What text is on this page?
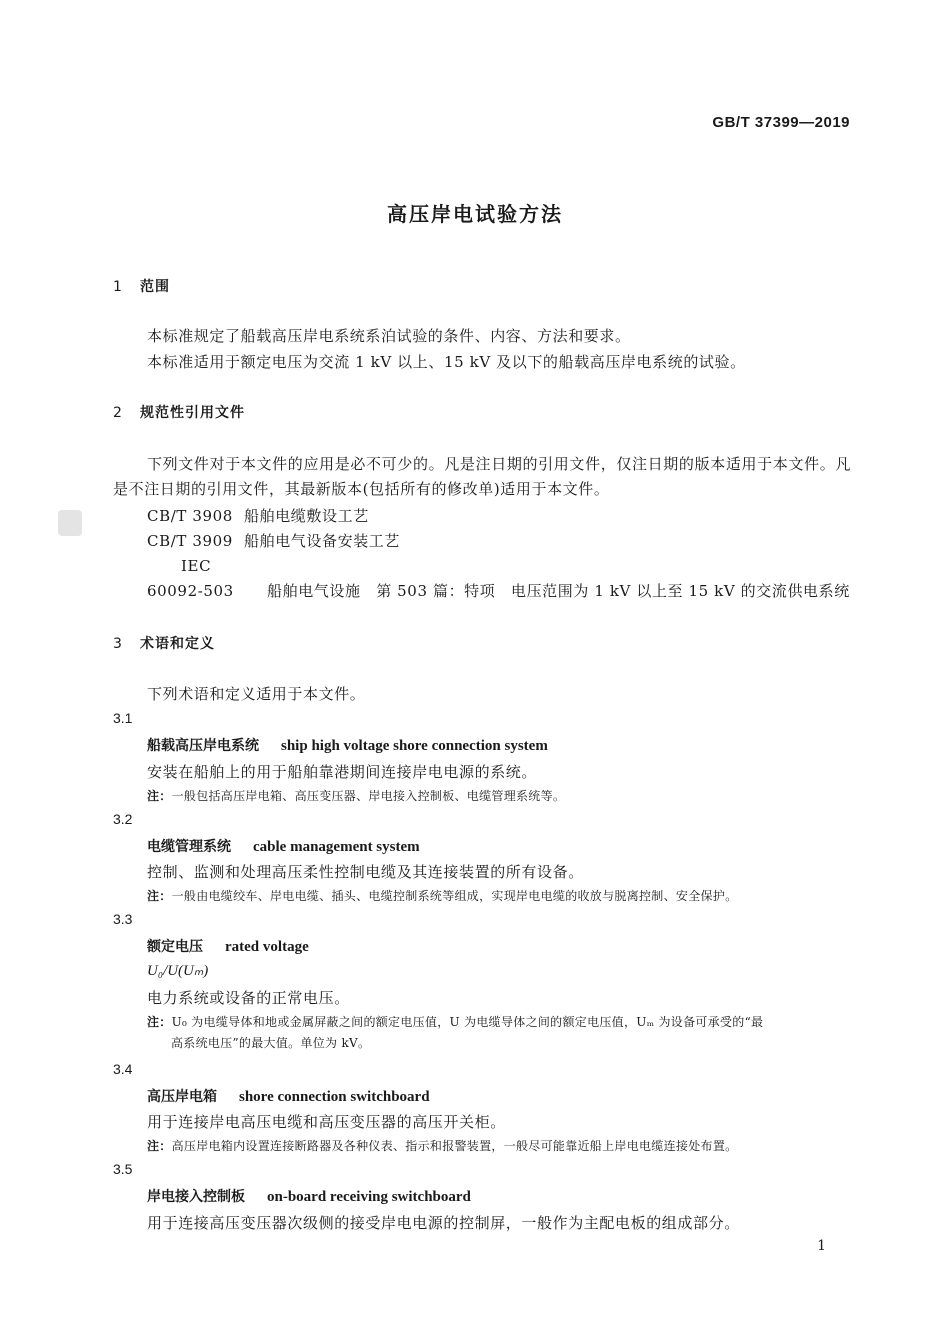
GB/T 37399—2019
高压岸电试验方法
1 范围
本标准规定了船载高压岸电系统系泊试验的条件、内容、方法和要求。
本标准适用于额定电压为交流 1 kV 以上、15 kV 及以下的船载高压岸电系统的试验。
2 规范性引用文件
下列文件对于本文件的应用是必不可少的。凡是注日期的引用文件，仅注日期的版本适用于本文件。凡是不注日期的引用文件，其最新版本(包括所有的修改单)适用于本文件。
CB/T 3908 船舶电缆敷设工艺
CB/T 3909 船舶电气设备安装工艺
IEC 60092-503 船舶电气设施　第 503 篇：特项　电压范围为 1 kV 以上至 15 kV 的交流供电系统
3 术语和定义
下列术语和定义适用于本文件。
3.1
船载高压岸电系统 ship high voltage shore connection system
安装在船舶上的用于船舶靠港期间连接岸电电源的系统。
注：一般包括高压岸电箱、高压变压器、岸电接入控制板、电缆管理系统等。
3.2
电缆管理系统 cable management system
控制、监测和处理高压柔性控制电缆及其连接装置的所有设备。
注：一般由电缆绞车、岸电电缆、插头、电缆控制系统等组成，实现岸电电缆的收放与脱离控制、安全保护。
3.3
额定电压 rated voltage
U₀/U(Uₘ)
电力系统或设备的正常电压。
注：U₀ 为电缆导体和地或金属屏蔽之间的额定电压值，U 为电缆导体之间的额定电压值，Uₘ 为设备可承受的“最
高系统电压”的最大值。单位为 kV。
3.4
高压岸电箱 shore connection switchboard
用于连接岸电高压电缆和高压变压器的高压开关柜。
注：高压岸电箱内设置连接断路器及各种仪表、指示和报警装置，一般尽可能靠近船上岸电电缆连接处布置。
3.5
岸电接入控制板 on-board receiving switchboard
用于连接高压变压器次级侧的接受岸电电源的控制屏，一般作为主配电板的组成部分。
1
